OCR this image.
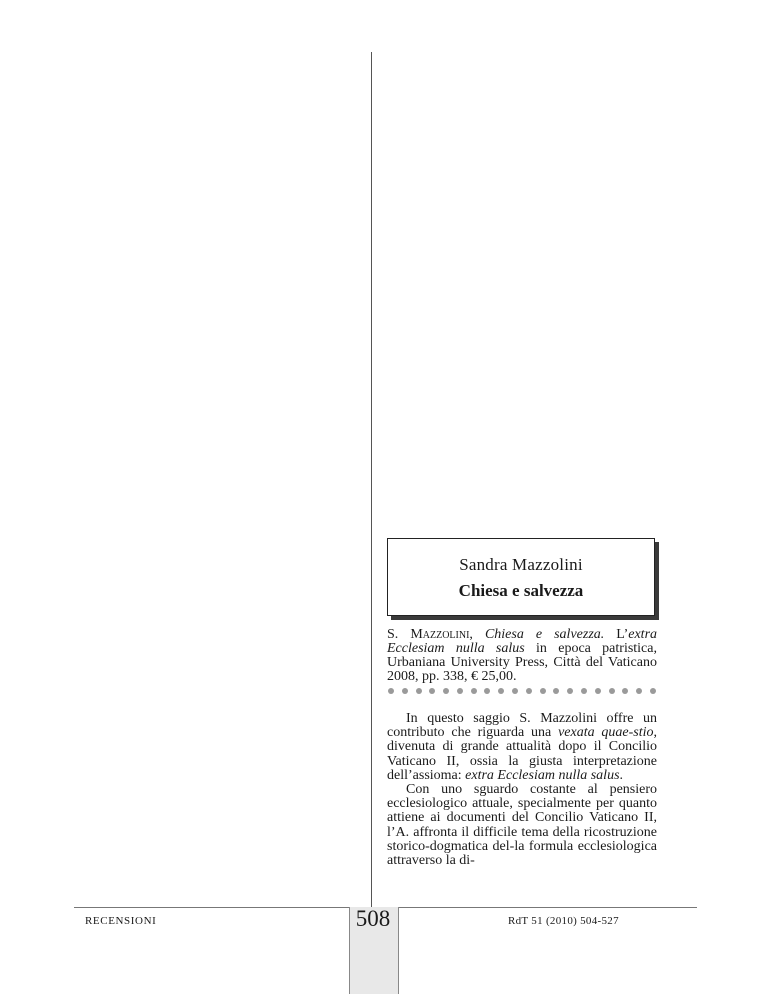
Sandra Mazzolini
Chiesa e salvezza
S. Mazzolini, Chiesa e salvezza. L’extra Ecclesiam nulla salus in epoca patristica, Urbaniana University Press, Città del Vaticano 2008, pp. 338, € 25,00.

In questo saggio S. Mazzolini offre un contributo che riguarda una vexata quae-stio, divenuta di grande attualità dopo il Concilio Vaticano II, ossia la giusta interpretazione dell’assioma: extra Ecclesiam nulla salus.

Con uno sguardo costante al pensiero ecclesiologico attuale, specialmente per quanto attiene ai documenti del Concilio Vaticano II, l’A. affronta il difficile tema della ricostruzione storico-dogmatica del-la formula ecclesiologica attraverso la di-

RECENSIONI	508	RdT 51 (2010) 504-527
